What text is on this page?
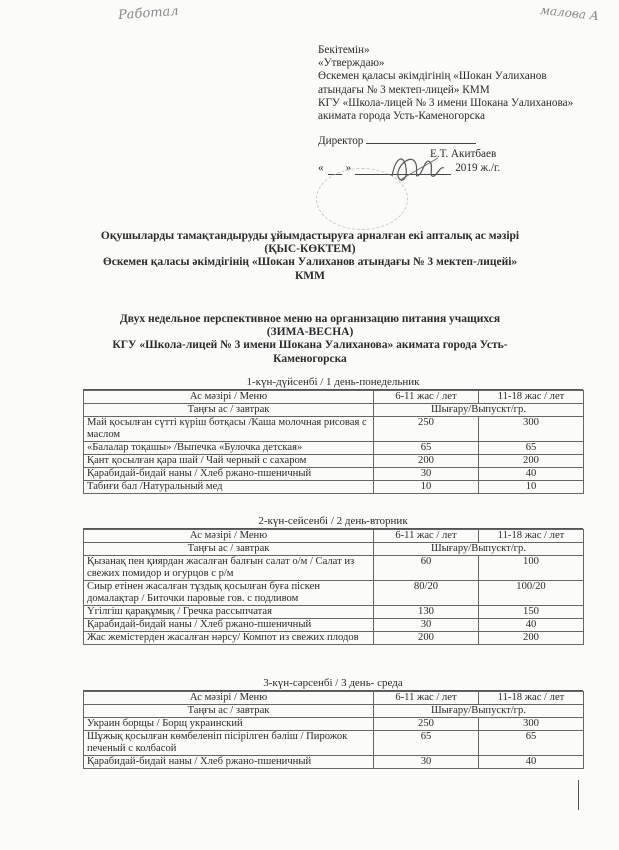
Работал	малова А
Бекітемін»
«Утверждаю»
Өскемен қаласы әкімдігінің «Шокан Уалиханов атындағы № 3 мектеп-лицей» КММ
КГУ «Школа-лицей № 3 имени Шокана Уалиханова» акимата города Усть-Каменогорска
Директор
Е.Т. Акитбаев
« »	2019 ж./г.
Оқушыларды тамақтандыруды ұйымдастыруға арналған екі апталық ас мәзірі
(ҚЫС-КӨКТЕМ)
Өскемен қаласы әкімдігінің «Шокан Уалиханов атындағы № 3 мектеп-лицейі»
КММ
Двух недельное перспективное меню на организацию питания учащихся
(ЗИМА-ВЕСНА)
КГУ «Школа-лицей № 3 имени Шокана Уалиханова» акимата города Усть-
Каменогорска
1-күн-дүйсенбі / 1 день-понедельник
Ас мәзірі / Меню	6-11 жас / лет	11-18 жас / лет
Таңғы ас / завтрак	Шығару/Выпускт/гр.	
Май қосылған сүтті күріш ботқасы /Каша молочная рисовая с маслом	250	300
«Балалар тоқашы» /Выпечка «Булочка детская»	65	65
Қант қосылған қара шай / Чай черный с сахаром	200	200
Қарабидай-бидай наны / Хлеб ржано-пшеничный	30	40
Табиғи бал /Натуральный мед	10	10
2-күн-сейсенбі / 2 день-вторник
Ас мәзірі / Меню	6-11 жас / лет	11-18 жас / лет
Таңғы ас / завтрак	Шығару/Выпускт/гр.	
Қызанақ пен қиярдан жасалған балғын салат о/м / Салат из свежих помидор и огурцов с р/м	60	100
Сиыр етінен жасалған тұздық қосылған буға піскен домалақтар / Биточки паровые гов. с подливом	80/20	100/20
Үгілгіш қарақұмық / Гречка рассыпчатая	130	150
Қарабидай-бидай наны / Хлеб ржано-пшеничный	30	40
Жас жемістерден жасалған нәрсу/ Компот из свежих плодов	200	200
3-күн-сәрсенбі / 3 день- среда
Ас мәзірі / Меню	6-11 жас / лет	11-18 жас / лет
Таңғы ас / завтрак	Шығару/Выпускт/гр.	
Украин борщы / Борщ украинский	250	300
Шұжық қосылған көмбеленіп пісірілген бәліш / Пирожок печеный с колбасой	65	65
Қарабидай-бидай наны / Хлеб ржано-пшеничный	30	40
